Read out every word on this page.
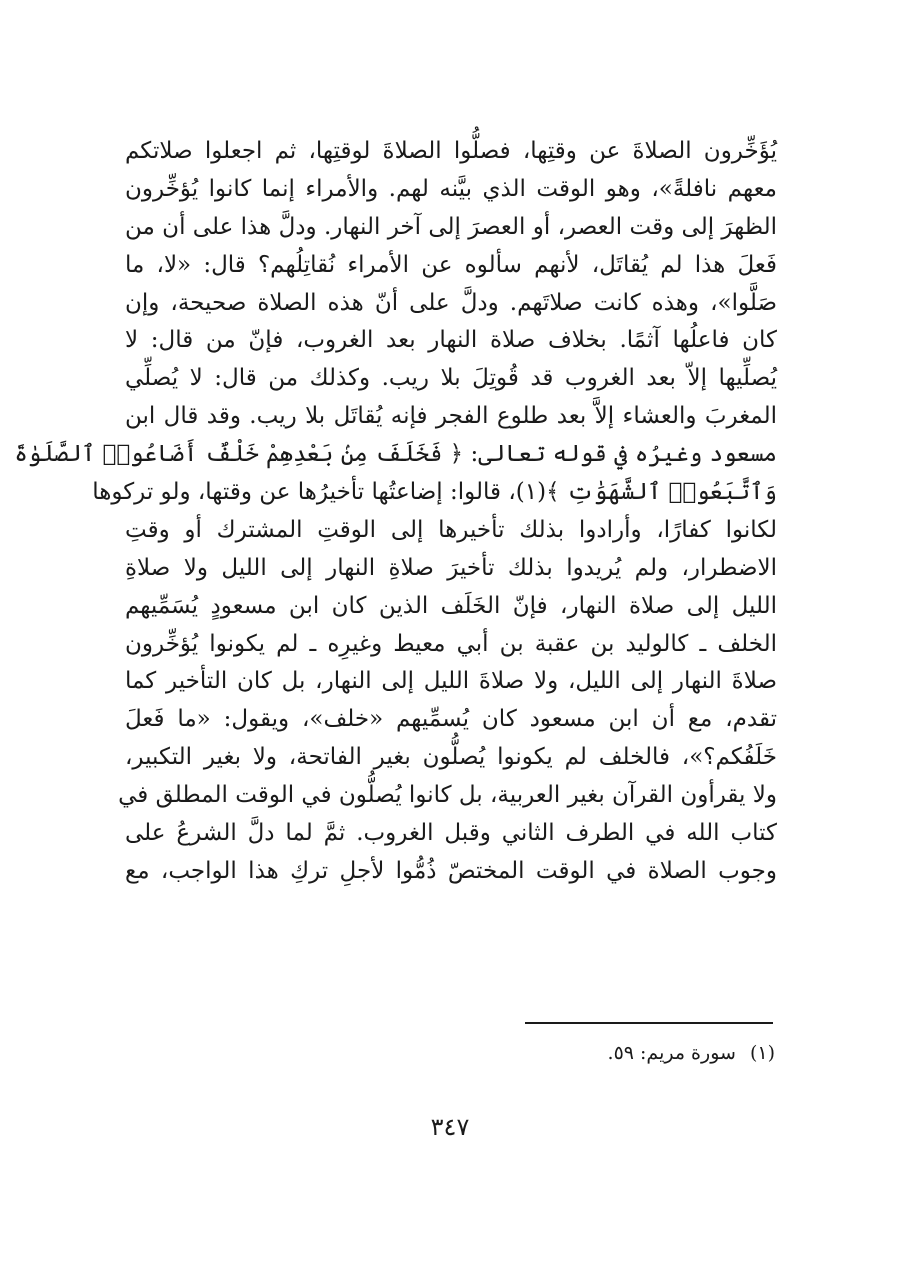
يُؤَخِّرون الصلاةَ عن وقتِها، فصلُّوا الصلاةَ لوقتِها، ثم اجعلوا صلاتكم
معهم نافلةً»، وهو الوقت الذي بيَّنه لهم. والأمراء إنما كانوا يُؤخِّرون
الظهرَ إلى وقت العصر، أو العصرَ إلى آخر النهار. ودلَّ هذا على أن من
فَعلَ هذا لم يُقاتَل، لأنهم سألوه عن الأمراء نُقاتِلُهم؟ قال: «لا، ما
صَلَّوا»، وهذه كانت صلاتَهم. ودلَّ على أنّ هذه الصلاة صحيحة، وإن
كان فاعلُها آثمًا. بخلاف صلاة النهار بعد الغروب، فإنّ من قال: لا
يُصلِّيها إلاّ بعد الغروب قد قُوتِلَ بلا ريب. وكذلك من قال: لا يُصلِّي
المغربَ والعشاء إلاَّ بعد طلوع الفجر فإنه يُقاتَل بلا ريب. وقد قال ابن
مسعود وغيرُه في قوله تعالى: ﴿ فَخَلَفَ مِنۢ بَعْدِهِمْ خَلْفٌ أَضَاعُوا۟ ٱلصَّلَوٰةَ
وَٱتَّبَعُوا۟ ٱلشَّهَوَٰتِ ﴾(١)، قالوا: إضاعتُها تأخيرُها عن وقتها، ولو تركوها
لكانوا كفارًا، وأرادوا بذلك تأخيرها إلى الوقتِ المشترك أو وقتِ
الاضطرار، ولم يُريدوا بذلك تأخيرَ صلاةِ النهار إلى الليل ولا صلاةِ
الليل إلى صلاة النهار، فإنّ الخَلَف الذين كان ابن مسعودٍ يُسَمِّيهم
الخلف ـ كالوليد بن عقبة بن أبي معيط وغيرِه ـ لم يكونوا يُؤخِّرون
صلاةَ النهار إلى الليل، ولا صلاةَ الليل إلى النهار، بل كان التأخير كما
تقدم، مع أن ابن مسعود كان يُسمِّيهم «خلف»، ويقول: «ما فَعلَ
خَلَفُكم؟»، فالخلف لم يكونوا يُصلُّون بغير الفاتحة، ولا بغير التكبير،
ولا يقرأون القرآن بغير العربية، بل كانوا يُصلُّون في الوقت المطلق في
كتاب الله في الطرف الثاني وقبل الغروب. ثمَّ لما دلَّ الشرعُ على
وجوب الصلاة في الوقت المختصّ ذُمُّوا لأجلِ تركِ هذا الواجب، مع
(١)سورة مريم: ٥٩.
٣٤٧
